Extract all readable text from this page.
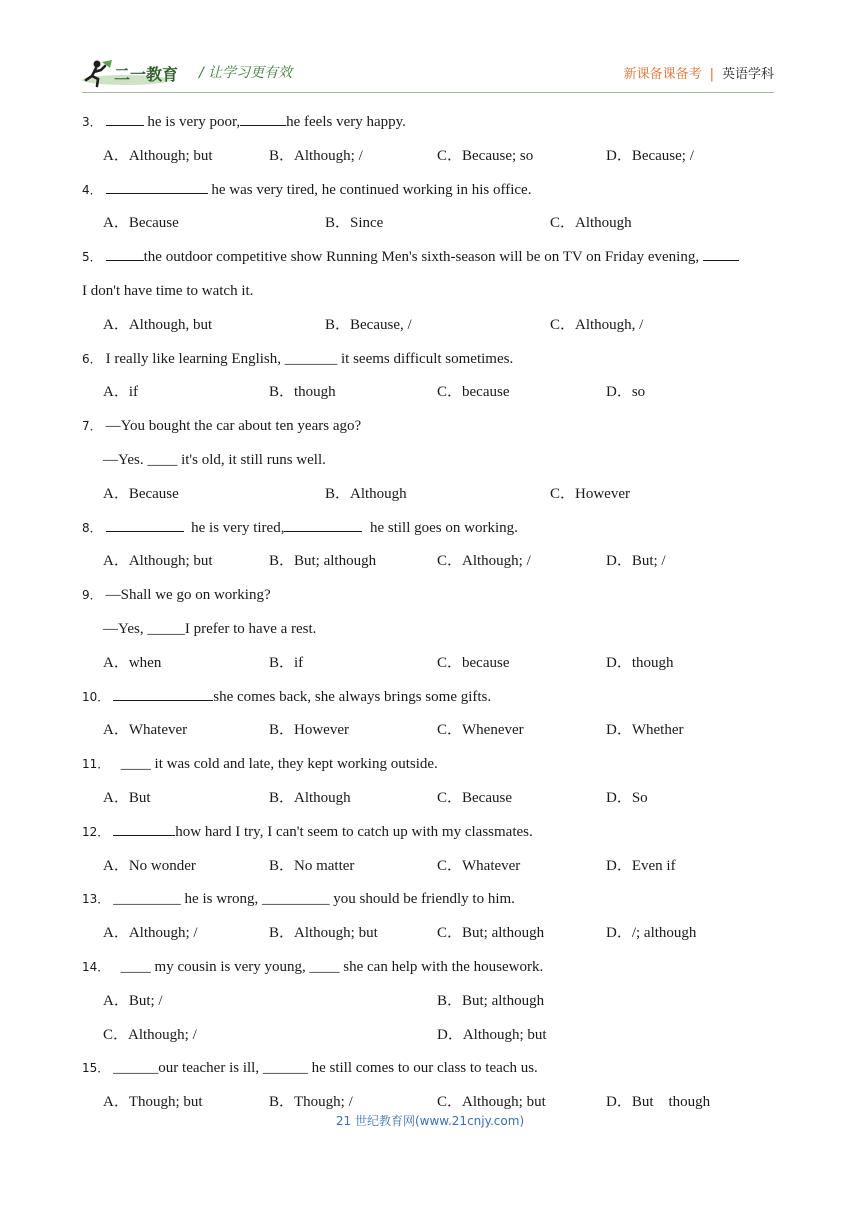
二一教育 / 让学习更有效	新课备课备考 | 英语学科
3．	he is very poor,	he feels very happy.
A．Although; but	B．Although; /	C．Because; so	D．Because; /
4．	he was very tired, he continued working in his office.
A．Because	B．Since	C．Although
5．	the outdoor competitive show Running Men's sixth-season will be on TV on Friday evening,
I don't have time to watch it.
A．Although, but	B．Because, /	C．Although, /
6． I really like learning English, _______ it seems difficult sometimes.
A．if	B．though	C．because	D．so
7． —You bought the car about ten years ago?
—Yes. ____ it's old, it still runs well.
A．Because	B．Although	C．However
8．	he is very tired,	he still goes on working.
A．Although; but	B．But; although	C．Although; /	D．But; /
9． —Shall we go on working?
—Yes, _____I prefer to have a rest.
A．when	B．if	C．because	D．though
10．	she comes back, she always brings some gifts.
A．Whatever	B．However	C．Whenever	D．Whether
11．  ____ it was cold and late, they kept working outside.
A．But	B．Although	C．Because	D．So
12．	how hard I try, I can't seem to catch up with my classmates.
A．No wonder	B．No matter	C．Whatever	D．Even if
13． _________ he is wrong, _________ you should be friendly to him.
A．Although; /	B．Although; but	C．But; although	D．/; although
14．  ____ my cousin is very young, ____ she can help with the housework.
A．But; /	B．But; although
C．Although; /	D．Although; but
15． ______our teacher is ill, ______ he still comes to our class to teach us.
A．Though; but	B．Though; /	C．Although; but	D．But    though
21 世纪教育网(www.21cnjy.com)
